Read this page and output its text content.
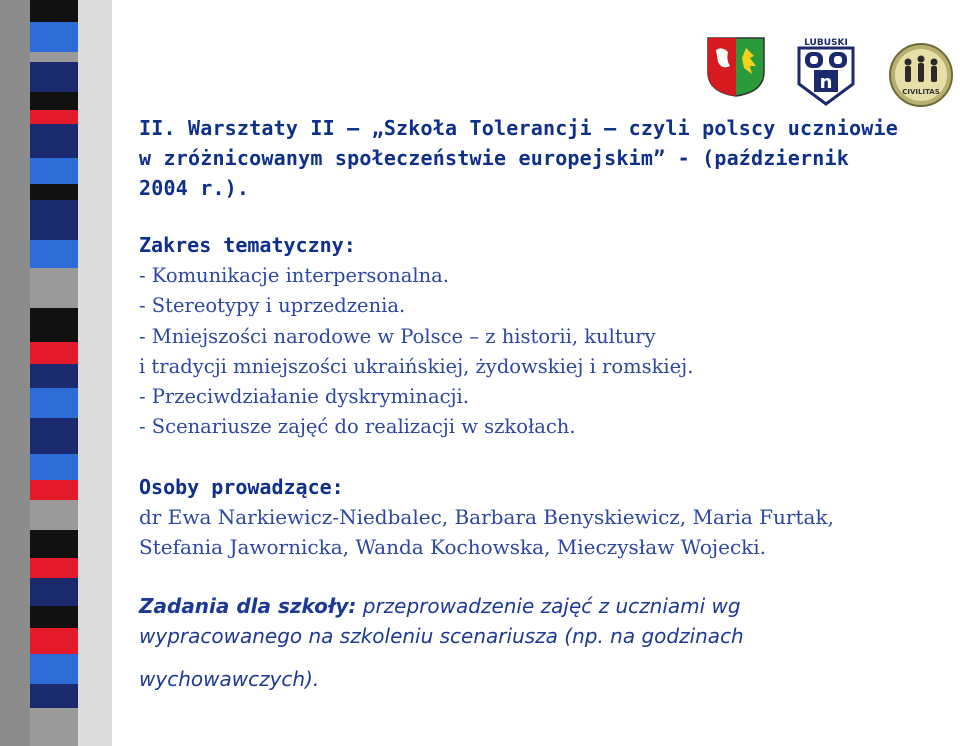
LUBUSKI
n	CIVILITAS
II. Warsztaty II – „Szkoła Tolerancji – czyli polscy uczniowie
w zróżnicowanym społeczeństwie europejskim” - (październik
2004 r.).
Zakres tematyczny:
- Komunikacje interpersonalna.
- Stereotypy i uprzedzenia.
- Mniejszości narodowe w Polsce – z historii, kultury
i tradycji mniejszości ukraińskiej, żydowskiej i romskiej.
- Przeciwdziałanie dyskryminacji.
- Scenariusze zajęć do realizacji w szkołach.
Osoby prowadzące:
dr Ewa Narkiewicz-Niedbalec, Barbara Benyskiewicz, Maria Furtak,
Stefania Jawornicka, Wanda Kochowska, Mieczysław Wojecki.
Zadania dla szkoły: przeprowadzenie zajęć z uczniami wg
wypracowanego na szkoleniu scenariusza (np. na godzinach
wychowawczych).
